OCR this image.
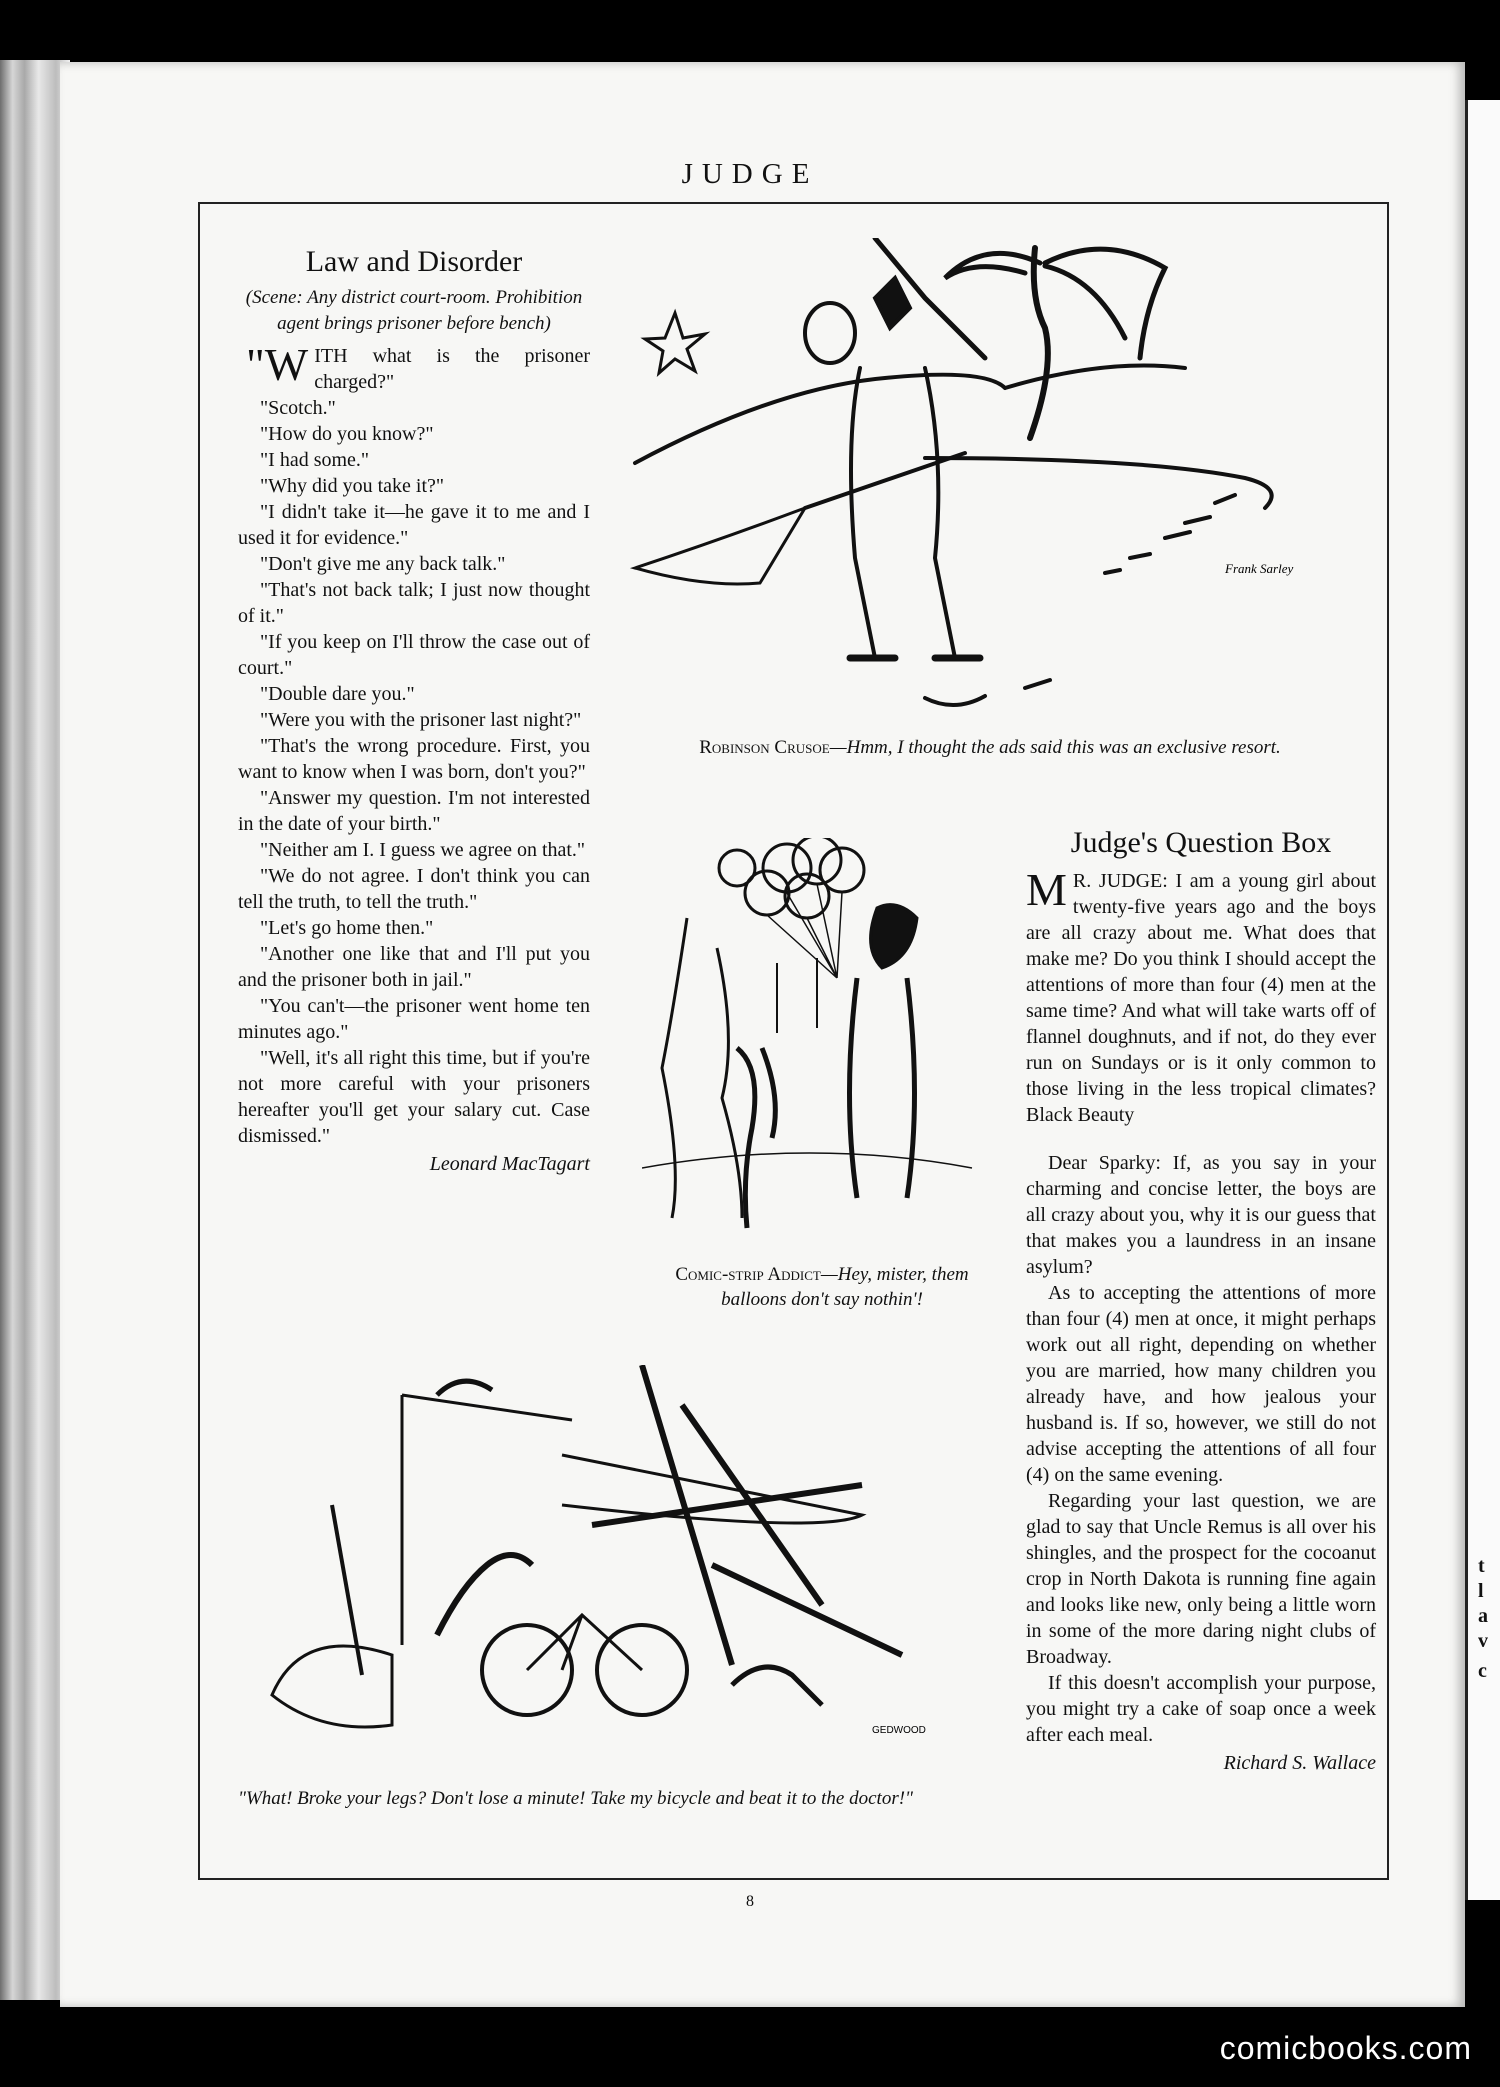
t
l
a
v
c
JUDGE
Law and Disorder
(Scene: Any district court-room. Prohibition agent brings prisoner before bench)

"W ITH what is the prisoner charged?"

"Scotch."

"How do you know?"

"I had some."

"Why did you take it?"

"I didn't take it—he gave it to me and I used it for evidence."

"Don't give me any back talk."

"That's not back talk; I just now thought of it."

"If you keep on I'll throw the case out of court."

"Double dare you."

"Were you with the prisoner last night?"

"That's the wrong procedure. First, you want to know when I was born, don't you?"

"Answer my question. I'm not interested in the date of your birth."

"Neither am I. I guess we agree on that."

"We do not agree. I don't think you can tell the truth, to tell the truth."

"Let's go home then."

"Another one like that and I'll put you and the prisoner both in jail."

"You can't—the prisoner went home ten minutes ago."

"Well, it's all right this time, but if you're not more careful with your prisoners hereafter you'll get your salary cut. Case dismissed."

Leonard MacTagart
Frank Sarley
Robinson Crusoe—Hmm, I thought the ads said this was an exclusive resort.
Comic-strip Addict—Hey, mister, them balloons don't say nothin'!
GEDWOOD
"What! Broke your legs? Don't lose a minute! Take my bicycle and beat it to the doctor!"
Judge's Question Box

M R. JUDGE: I am a young girl about twenty-five years ago and the boys are all crazy about me. What does that make me? Do you think I should accept the attentions of more than four (4) men at the same time? And what will take warts off of flannel doughnuts, and if not, do they ever run on Sundays or is it only common to those living in the less tropical climates? Black Beauty

Dear Sparky: If, as you say in your charming and concise letter, the boys are all crazy about you, why it is our guess that that makes you a laundress in an insane asylum?

As to accepting the attentions of more than four (4) men at once, it might perhaps work out all right, depending on whether you are married, how many children you already have, and how jealous your husband is. If so, however, we still do not advise accepting the attentions of all four (4) on the same evening.

Regarding your last question, we are glad to say that Uncle Remus is all over his shingles, and the prospect for the cocoanut crop in North Dakota is running fine again and looks like new, only being a little worn in some of the more daring night clubs of Broadway.

If this doesn't accomplish your purpose, you might try a cake of soap once a week after each meal.

Richard S. Wallace
8
comicbooks.com
